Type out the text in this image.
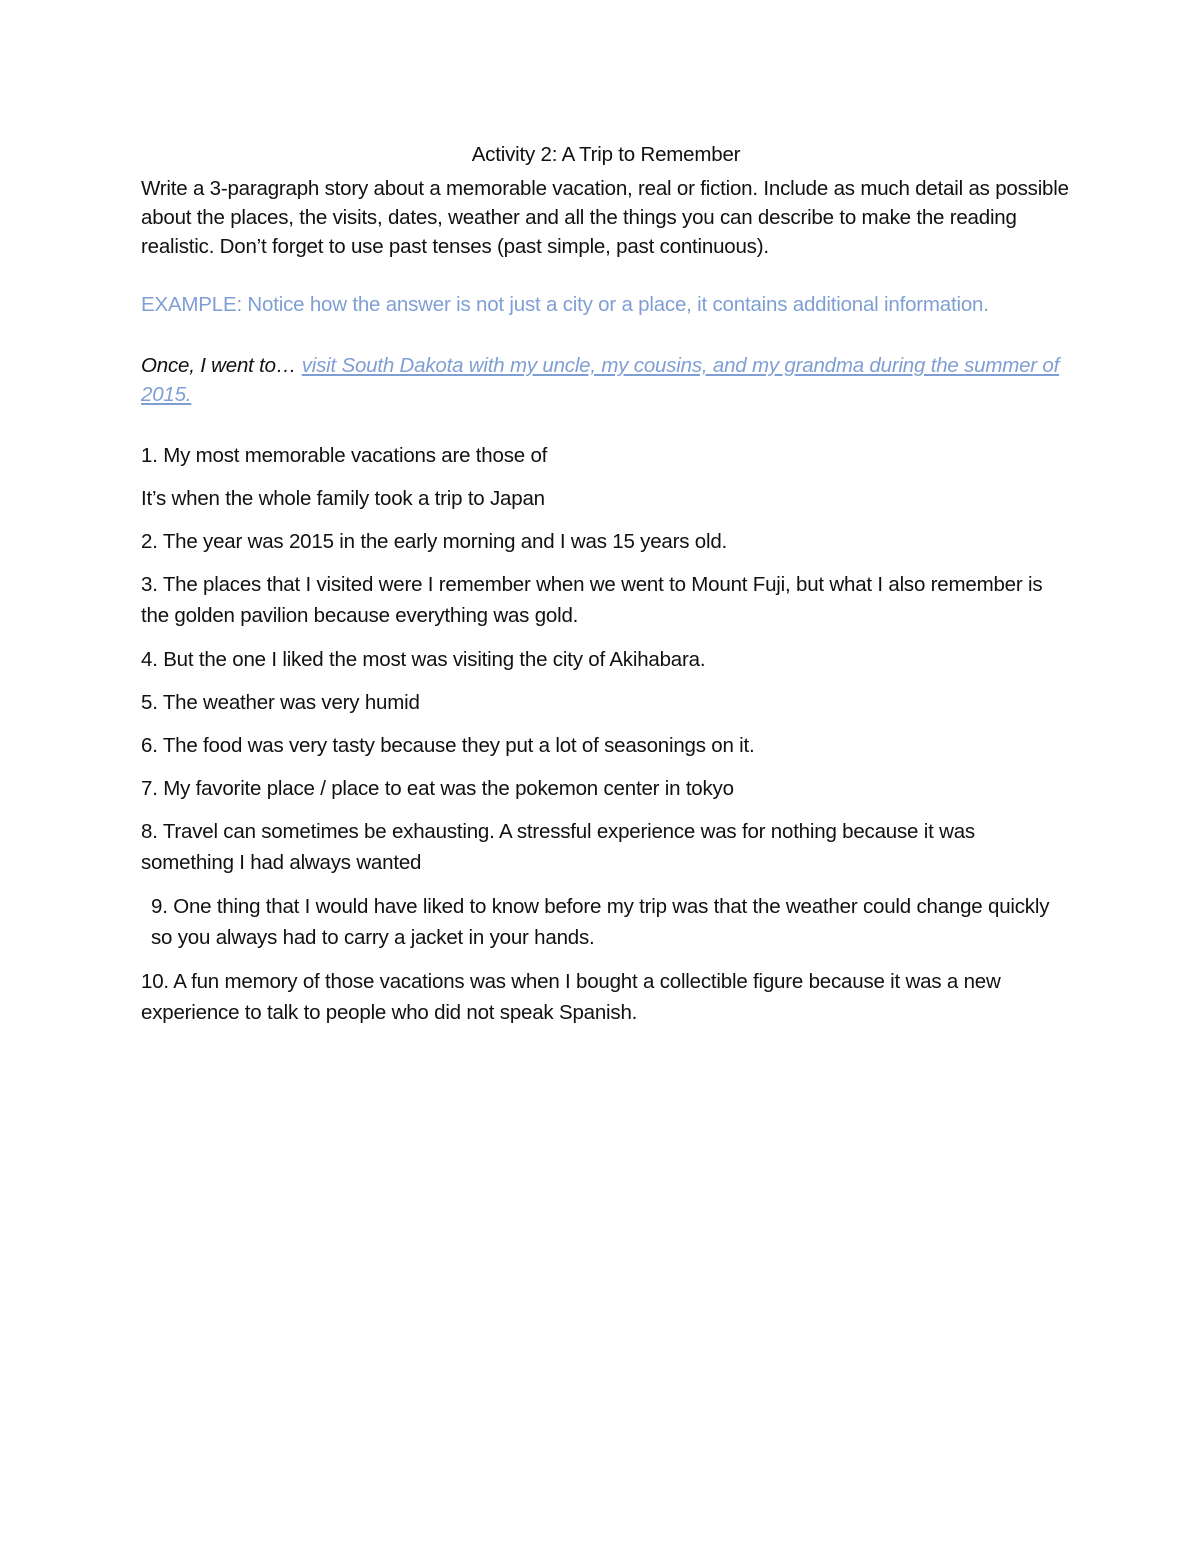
Activity 2: A Trip to Remember

Write a 3-paragraph story about a memorable vacation, real or fiction. Include as much detail as possible about the places, the visits, dates, weather and all the things you can describe to make the reading realistic. Don’t forget to use past tenses (past simple, past continuous).

EXAMPLE: Notice how the answer is not just a city or a place, it contains additional information.

Once, I went to… visit South Dakota with my uncle, my cousins, and my grandma during the summer of 2015.

1. My most memorable vacations are those of

It’s when the whole family took a trip to Japan

2. The year was 2015 in the early morning and I was 15 years old.

3. The places that I visited were I remember when we went to Mount Fuji, but what I also remember is the golden pavilion because everything was gold.

4. But the one I liked the most was visiting the city of Akihabara.

5. The weather was very humid

6. The food was very tasty because they put a lot of seasonings on it.

7. My favorite place / place to eat was the pokemon center in tokyo

8. Travel can sometimes be exhausting. A stressful experience was for nothing because it was something I had always wanted

9. One thing that I would have liked to know before my trip was that the weather could change quickly so you always had to carry a jacket in your hands.

10. A fun memory of those vacations was when I bought a collectible figure because it was a new experience to talk to people who did not speak Spanish.
